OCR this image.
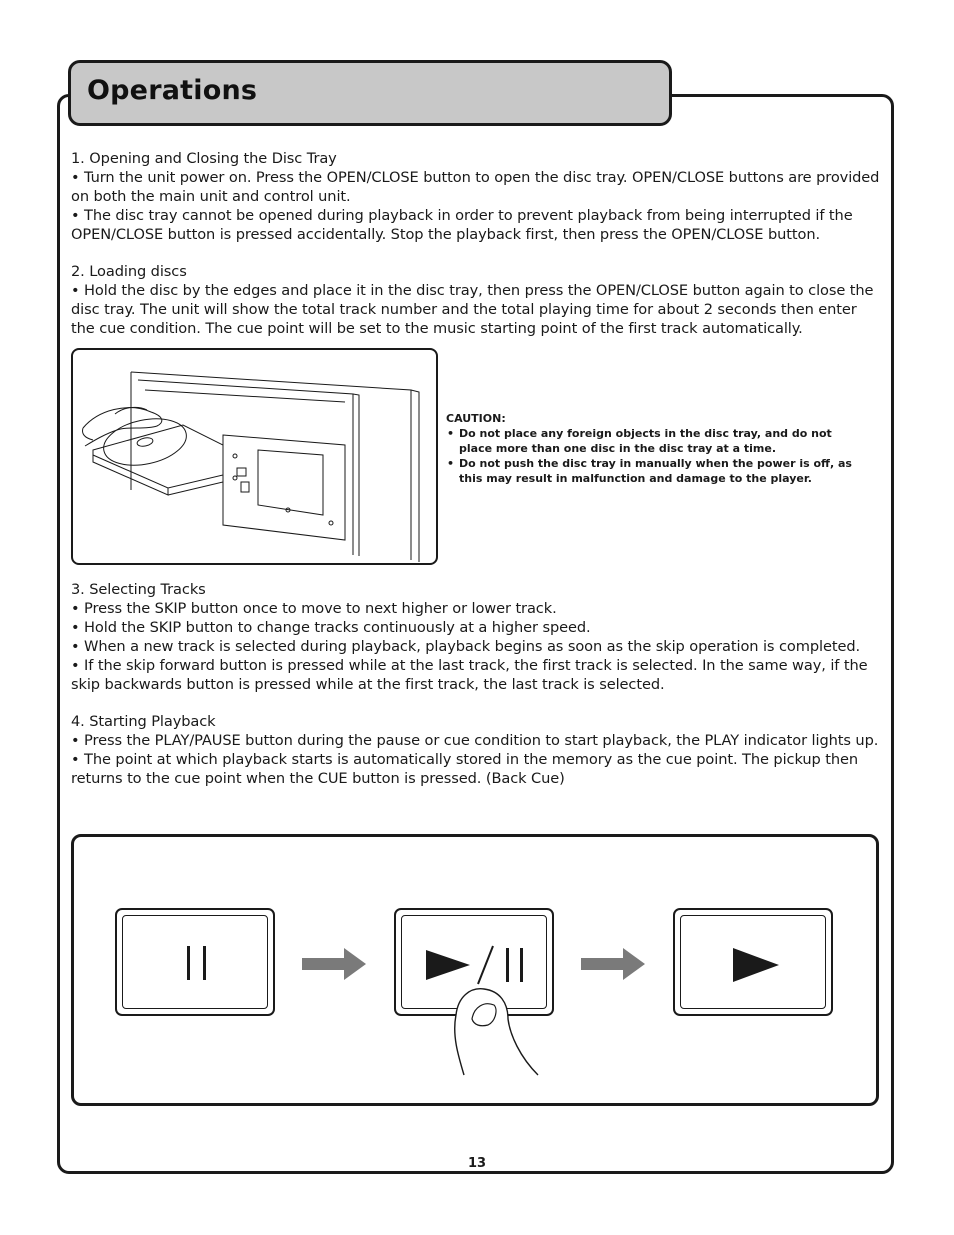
Operations

1. Opening and Closing the Disc Tray

• Turn the unit power on. Press the OPEN/CLOSE button to open the disc tray. OPEN/CLOSE buttons are provided on both the main unit and control unit.

• The disc tray cannot be opened during playback in order to prevent playback from being interrupted if the OPEN/CLOSE button is pressed accidentally. Stop the playback first, then press the OPEN/CLOSE button.

2. Loading discs

• Hold the disc by the edges and place it in the disc tray, then press the OPEN/CLOSE button again to close the disc tray. The unit will show the total track number and the total playing time for about 2 seconds then enter the cue condition. The cue point will be set to the music starting point of the first track automatically.

CAUTION:
• Do not place any foreign objects in the disc tray, and do not place more than one disc in the disc tray at a time.
• Do not push the disc tray in manually when the power is off, as this may result in malfunction and damage to the player.

3. Selecting Tracks

• Press the SKIP button once to move to next higher or lower track.

• Hold the SKIP button to change tracks continuously at a higher speed.

• When a new track is selected during playback, playback begins as soon as the skip operation is completed.

• If the skip forward button is pressed while at the last track, the first track is selected. In the same way, if the skip backwards button is pressed while at the first track, the last track is selected.

4. Starting Playback

• Press the PLAY/PAUSE button during the pause or cue condition to start playback, the PLAY indicator lights up.

• The point at which playback starts is automatically stored in the memory as the cue point. The pickup then returns to the cue point when the CUE button is pressed. (Back Cue)

13
